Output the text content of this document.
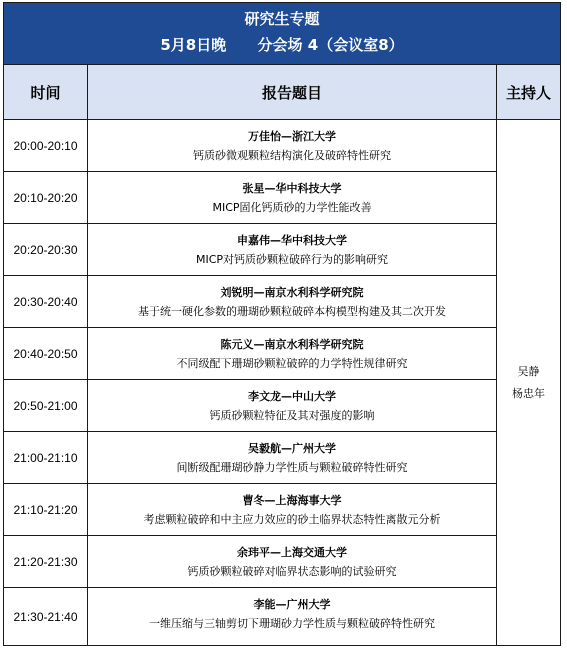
研究生专题
5月8日晚      分会场 4（会议室8）
时间	报告题目	主持人
20:00-20:10
万佳怡—浙江大学
钙质砂微观颗粒结构演化及破碎特性研究
20:10-20:20
张星—华中科技大学
MICP固化钙质砂的力学性能改善
20:20-20:30
申嘉伟—华中科技大学
MICP对钙质砂颗粒破碎行为的影响研究
20:30-20:40
刘锐明—南京水利科学研究院
基于统一硬化参数的珊瑚砂颗粒破碎本构模型构建及其二次开发
20:40-20:50
陈元义—南京水利科学研究院
不同级配下珊瑚砂颗粒破碎的力学特性规律研究
20:50-21:00
李文龙—中山大学
钙质砂颗粒特征及其对强度的影响
21:00-21:10
吴毅航—广州大学
间断级配珊瑚砂静力学性质与颗粒破碎特性研究
21:10-21:20
曹冬—上海海事大学
考虑颗粒破碎和中主应力效应的砂土临界状态特性离散元分析
21:20-21:30
余玮平—上海交通大学
钙质砂颗粒破碎对临界状态影响的试验研究
21:30-21:40
李能—广州大学
一维压缩与三轴剪切下珊瑚砂力学性质与颗粒破碎特性研究
吴静
杨忠年
